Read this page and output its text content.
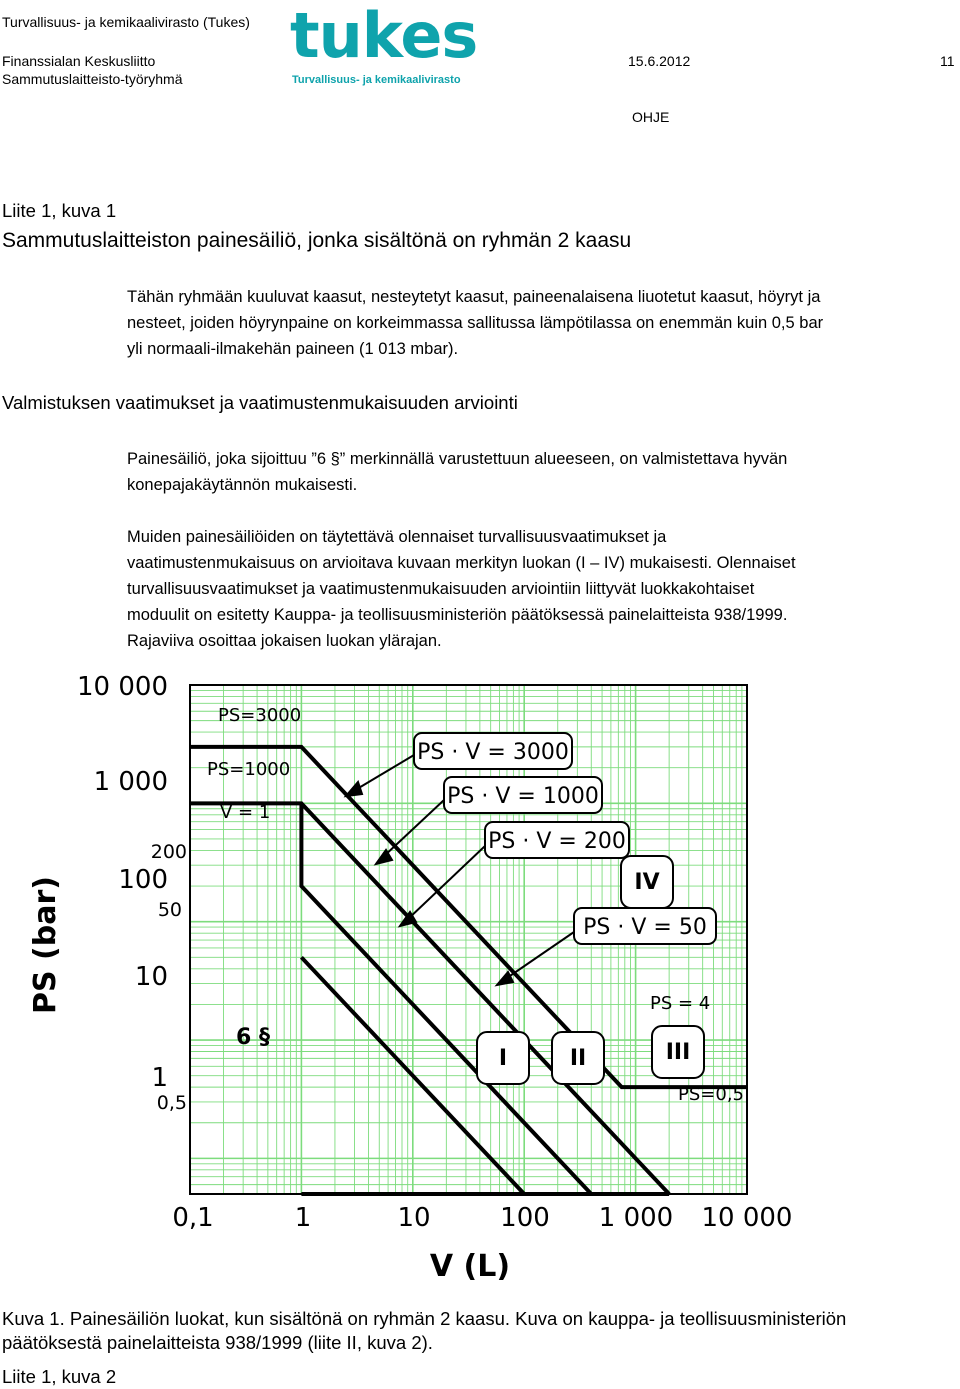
Turvallisuus- ja kemikaalivirasto (Tukes)
Finanssialan Keskusliitto
Sammutuslaitteisto-työryhmä
15.6.2012	11
OHJE
tukes
Turvallisuus- ja kemikaalivirasto
Liite 1, kuva 1
Sammutuslaitteiston painesäiliö, jonka sisältönä on ryhmän 2 kaasu
Tähän ryhmään kuuluvat kaasut, nesteytetyt kaasut, paineenalaisena liuotetut kaasut, höyryt ja
nesteet, joiden höyrynpaine on korkeimmassa sallitussa lämpötilassa on enemmän kuin 0,5 bar
yli normaali-ilmakehän paineen (1 013 mbar).
Valmistuksen vaatimukset ja vaatimustenmukaisuuden arviointi
Painesäiliö, joka sijoittuu ”6 §” merkinnällä varustettuun alueeseen, on valmistettava hyvän
konepajakäytännön mukaisesti.
Muiden painesäiliöiden on täytettävä olennaiset turvallisuusvaatimukset ja
vaatimustenmukaisuus on arvioitava kuvaan merkityn luokan (I – IV) mukaisesti. Olennaiset
turvallisuusvaatimukset ja vaatimustenmukaisuuden arviointiin liittyvät luokkakohtaiset
moduulit on esitetty Kauppa- ja teollisuusministeriön päätöksessä painelaitteista 938/1999.
Rajaviiva osoittaa jokaisen luokan ylärajan.
10 000
1 000
200
100
50
10
1
0,5
0,1	1	10	100 1 000 10 000
V (L)
PS (bar)
PS=3000
PS=1000
V = 1
PS = 4
PS=0,5
PS · V = 3000
PS · V = 1000
PS · V = 200
PS · V = 50
6 §
I	II	III
IV
Kuva 1. Painesäiliön luokat, kun sisältönä on ryhmän 2 kaasu. Kuva on kauppa- ja teollisuusministeriön
päätöksestä painelaitteista 938/1999 (liite II, kuva 2).
Liite 1, kuva 2
